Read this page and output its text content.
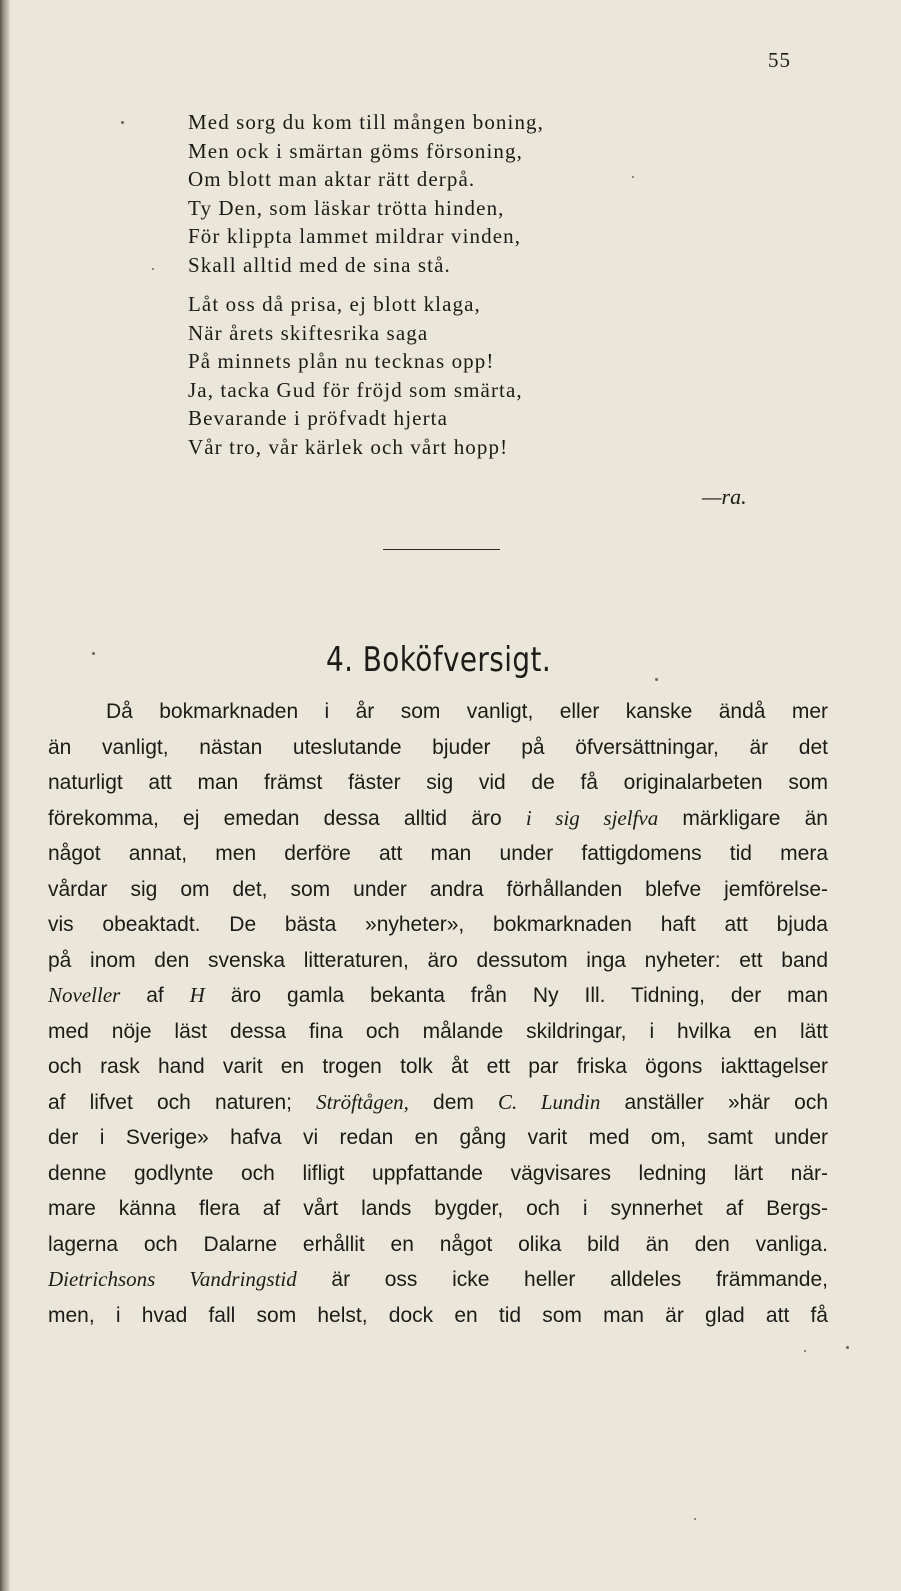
55
Med sorg du kom till mången boning,
Men ock i smärtan göms försoning,
Om blott man aktar rätt derpå.
Ty Den, som läskar trötta hinden,
För klippta lammet mildrar vinden,
Skall alltid med de sina stå.
Låt oss då prisa, ej blott klaga,
När årets skiftesrika saga
På minnets plån nu tecknas opp!
Ja, tacka Gud för fröjd som smärta,
Bevarande i pröfvadt hjerta
Vår tro, vår kärlek och vårt hopp!
—ra.
4. Boköfversigt.
Då bokmarknaden i år som vanligt, eller kanske ändå mer
än vanligt, nästan uteslutande bjuder på öfversättningar, är det
naturligt att man främst fäster sig vid de få originalarbeten som
förekomma, ej emedan dessa alltid äro i sig sjelfva märkligare än
något annat, men derföre att man under fattigdomens tid mera
vårdar sig om det, som under andra förhållanden blefve jemförelse-
vis obeaktadt. De bästa »nyheter», bokmarknaden haft att bjuda
på inom den svenska litteraturen, äro dessutom inga nyheter: ett band
Noveller af H äro gamla bekanta från Ny Ill. Tidning, der man
med nöje läst dessa fina och målande skildringar, i hvilka en lätt
och rask hand varit en trogen tolk åt ett par friska ögons iakttagelser
af lifvet och naturen; Ströftågen, dem C. Lundin anställer »här och
der i Sverige» hafva vi redan en gång varit med om, samt under
denne godlynte och lifligt uppfattande vägvisares ledning lärt när-
mare känna flera af vårt lands bygder, och i synnerhet af Bergs-
lagerna och Dalarne erhållit en något olika bild än den vanliga.
Dietrichsons Vandringstid är oss icke heller alldeles främmande,
men, i hvad fall som helst, dock en tid som man är glad att få
